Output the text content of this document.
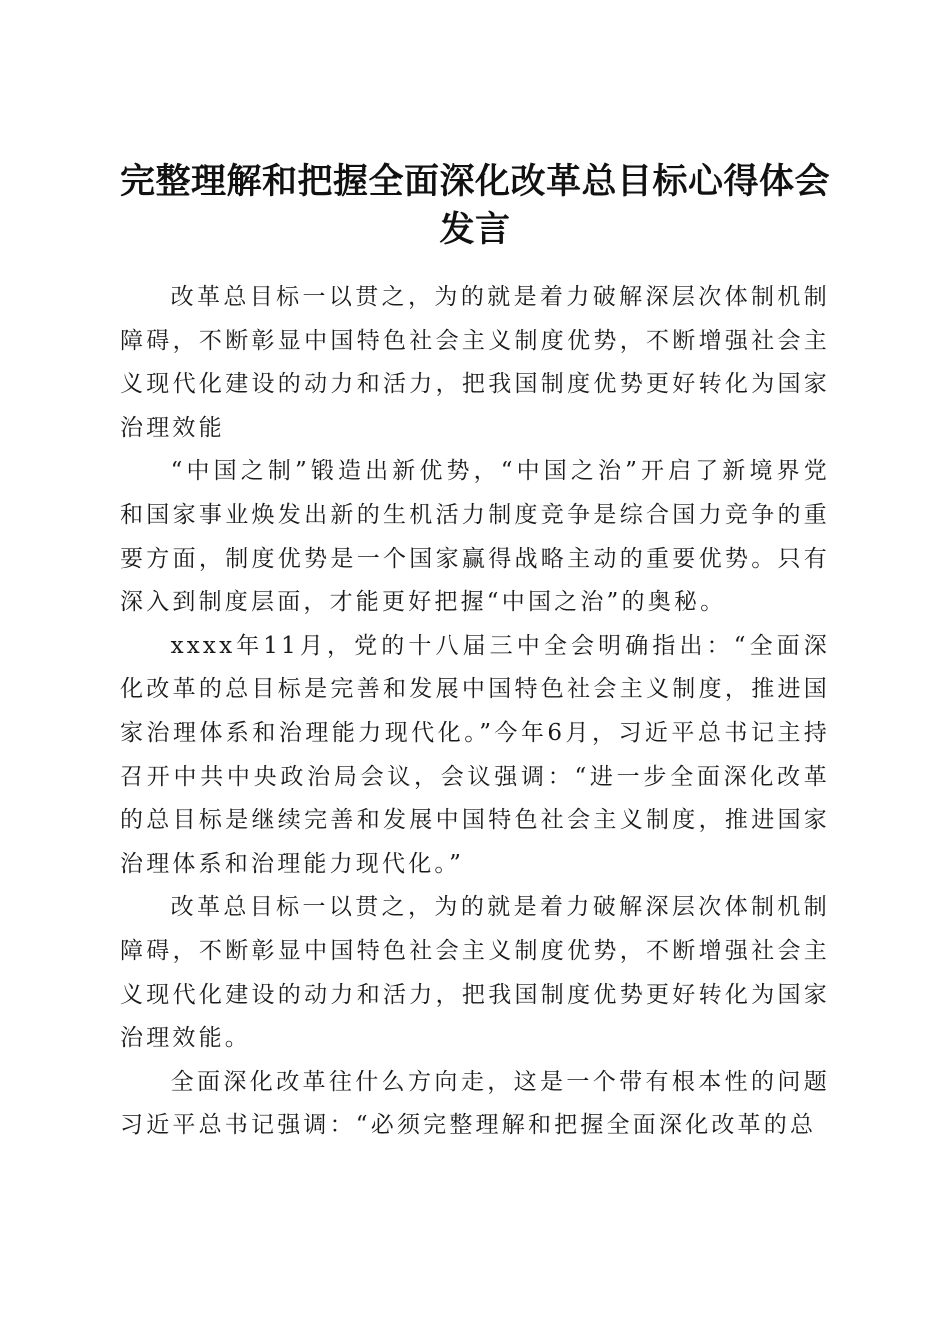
完整理解和把握全面深化改革总目标心得体会发言

改革总目标一以贯之，为的就是着力破解深层次体制机制障碍，不断彰显中国特色社会主义制度优势，不断增强社会主义现代化建设的动力和活力，把我国制度优势更好转化为国家治理效能

“中国之制”锻造出新优势，“中国之治”开启了新境界党和国家事业焕发出新的生机活力制度竞争是综合国力竞争的重要方面，制度优势是一个国家赢得战略主动的重要优势。只有深入到制度层面，才能更好把握“中国之治”的奥秘。

xxxx年11月，党的十八届三中全会明确指出：“全面深化改革的总目标是完善和发展中国特色社会主义制度，推进国家治理体系和治理能力现代化。”今年6月，习近平总书记主持召开中共中央政治局会议，会议强调：“进一步全面深化改革的总目标是继续完善和发展中国特色社会主义制度，推进国家治理体系和治理能力现代化。”

改革总目标一以贯之，为的就是着力破解深层次体制机制障碍，不断彰显中国特色社会主义制度优势，不断增强社会主义现代化建设的动力和活力，把我国制度优势更好转化为国家治理效能。

全面深化改革往什么方向走，这是一个带有根本性的问题习近平总书记强调：“必须完整理解和把握全面深化改革的总
